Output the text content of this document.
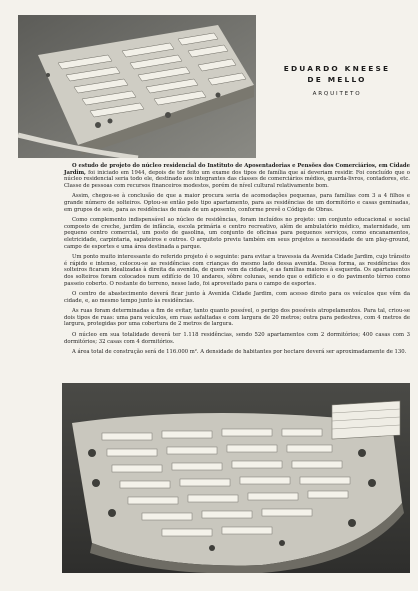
EDUARDO KNEESE

DE MELLO

ARQUITETO

O estudo de projeto do núcleo residencial do Instituto de Aposentadorias e Pensões dos Comerciários, em Cidade Jardim, foi iniciado em 1944, depois de ter feito um exame dos tipos de família que aí deveriam residir. Foi concluído que o núcleo residencial seria todo ele, destinado aos integrantes das classes de comerciários médios, guarda-livros, contadores, etc. Classe de pessoas com recursos financeiros modestos, porém de nível cultural relativamente bom.

Assim, chegou-se à conclusão de que a maior procura seria de acomodações pequenas, para famílias com 3 a 4 filhos e grande número de solteiros. Optou-se então pelo tipo apartamento, para as residências de um dormitório e casas geminadas, em grupos de seis, para as residências de mais de um aposento, conforme prevê o Código de Obras.

Como complemento indispensável ao núcleo de residências, foram incluídos no projeto: um conjunto educacional e social composto de creche, jardim de infância, escola primária e centro recreativo, além de ambulatório médico, maternidade, um pequeno centro comercial, um posto de gasolina, um conjunto de oficinas para pequenos serviços, como encanamentos, eletricidade, carpintaria, sapateiros e outros. O arquiteto previu também em seus projetos a necessidade de um play-ground, campo de esportes e uma área destinada a parque.

Um ponto muito interessante do referido projeto é o seguinte: para evitar a travessia da Avenida Cidade Jardim, cujo trânsito é rápido e intenso, colocou-se as residências com crianças do mesmo lado dessa avenida. Dessa forma, as residências dos solteiros ficaram idealizadas à direita da avenida, de quem vem da cidade, e as famílias maiores à esquerda. Os apartamentos dos solteiros foram colocados num edifício de 10 andares, sôbre colunas, sendo que o edifício e o do pavimento térreo como passeio coberto. O restante do terreno, nesse lado, foi aproveitado para o campo de esportes.

O centro de abastecimento deverá ficar junto à Avenida Cidade Jardim, com acesso direto para os veículos que vêm da cidade, e, ao mesmo tempo junto às residências.

As ruas foram determinadas a fim de evitar, tanto quanto possível, o perigo dos possíveis atropelamentos. Para tal, criou-se dois tipos de ruas: uma para veículos, em ruas asfaltadas e com largura de 20 metros; outra para pedestres, com 4 metros de largura, protegidas por uma cobertura de 2 metros de largura.

O núcleo em sua totalidade deverá ter 1.118 residências, sendo 520 apartamentos com 2 dormitórios; 400 casas com 3 dormitórios; 32 casas com 4 dormitórios.

A área total de construção será de 116.000 m². A densidade de habitantes por hectare deverá ser aproximadamente de 130.
